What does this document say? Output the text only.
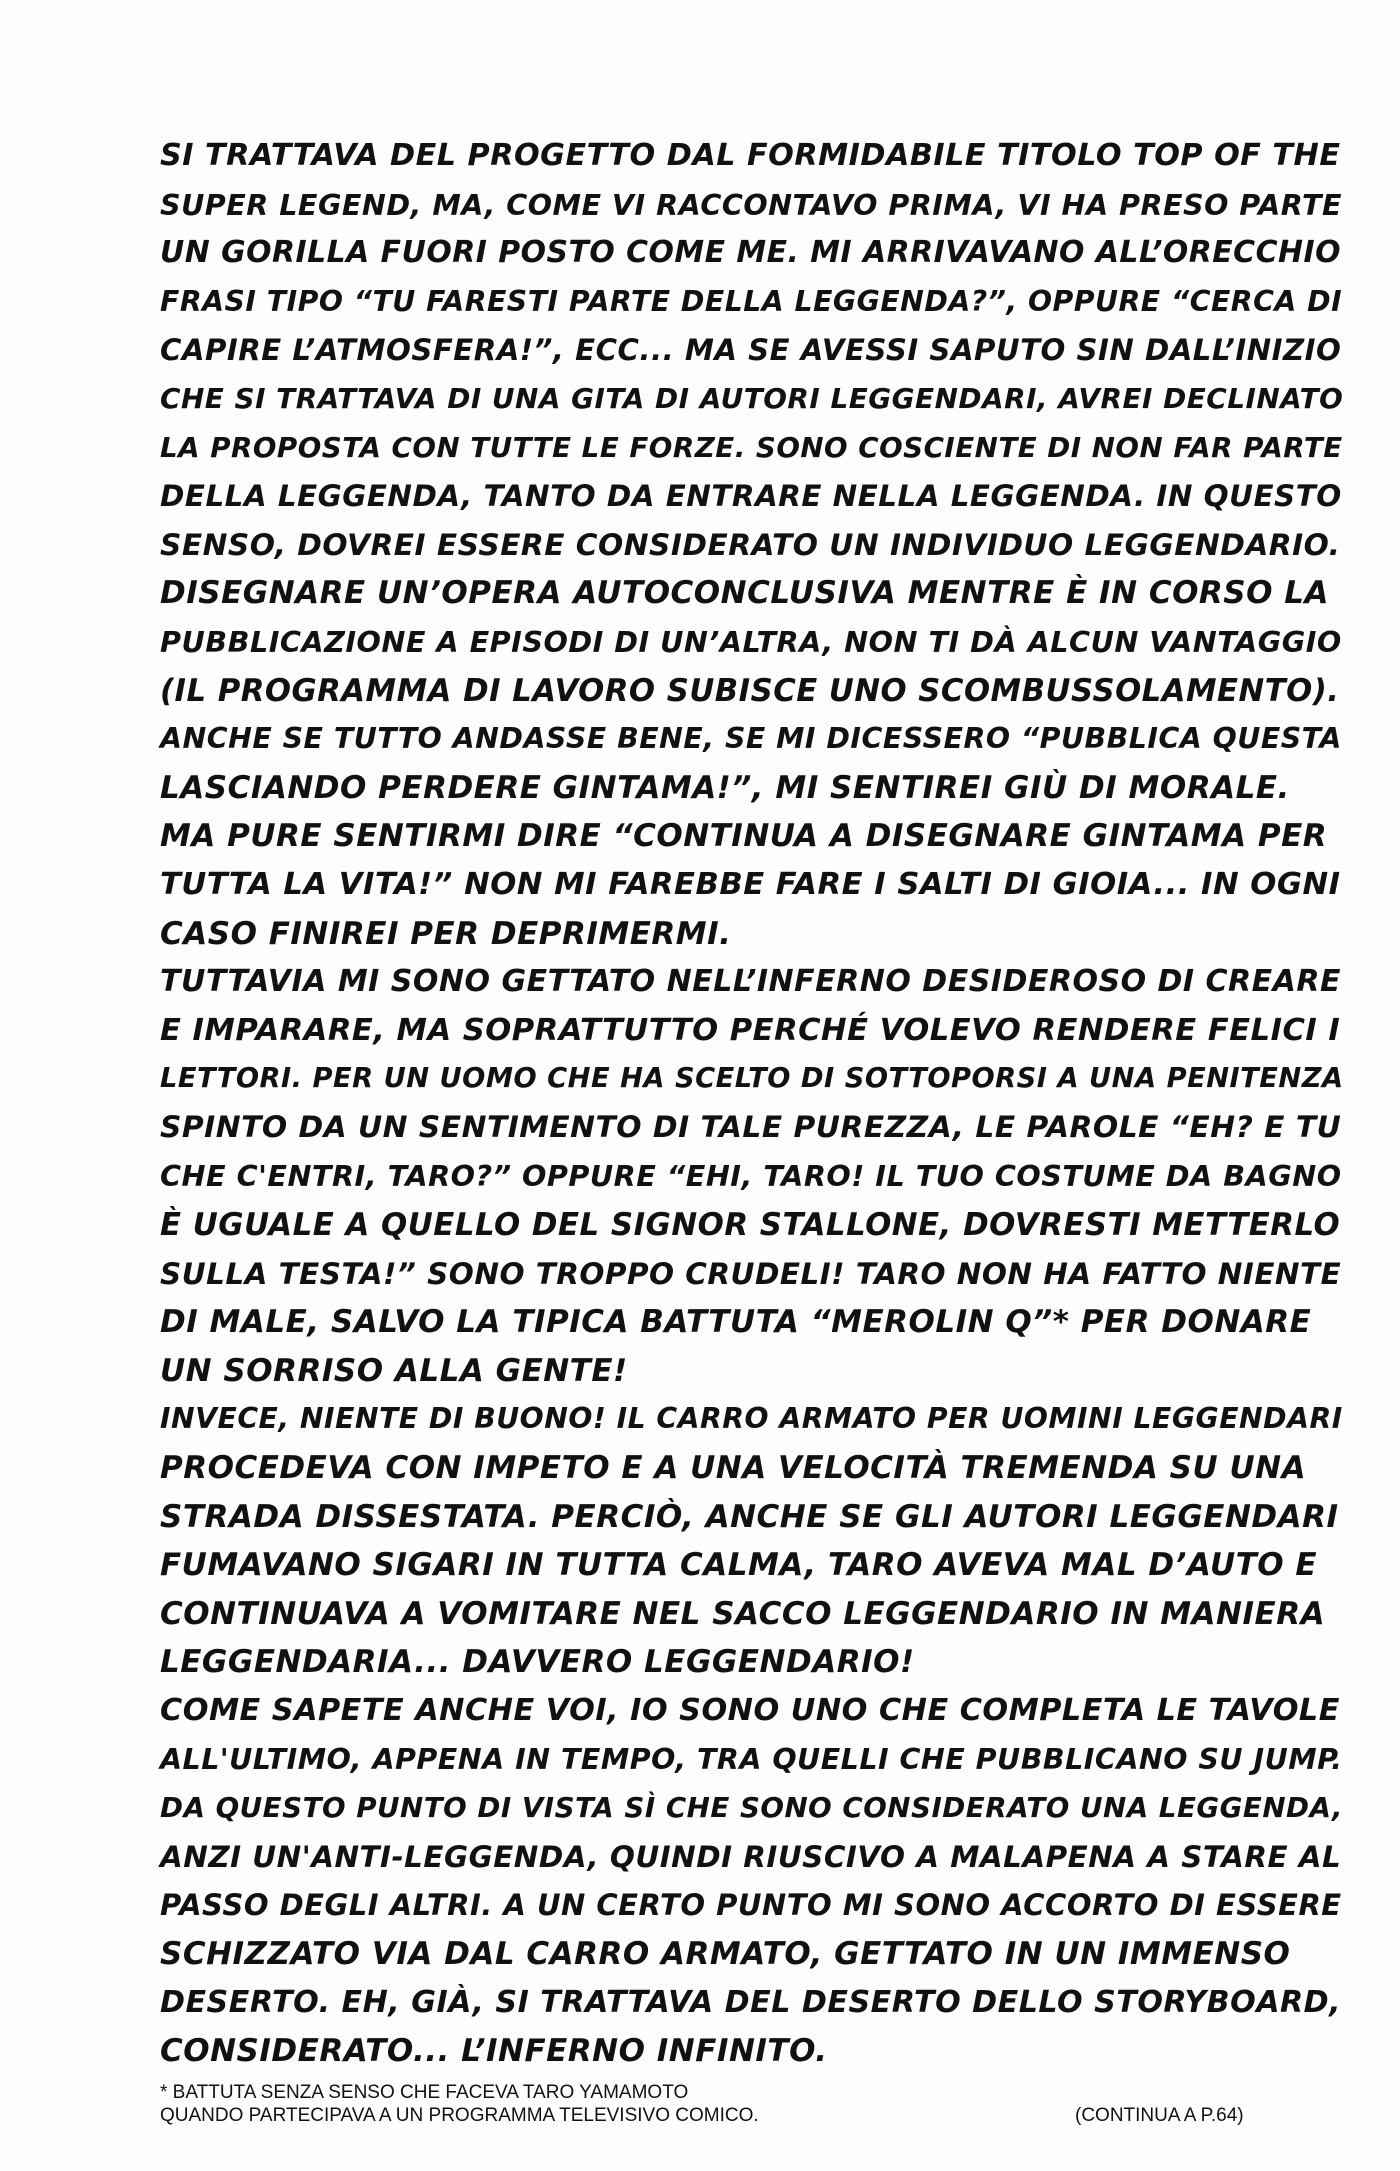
SI TRATTAVA DEL PROGETTO DAL FORMIDABILE TITOLO TOP OF THE
SUPER LEGEND, MA, COME VI RACCONTAVO PRIMA, VI HA PRESO PARTE
UN GORILLA FUORI POSTO COME ME. MI ARRIVAVANO ALL’ORECCHIO
FRASI TIPO “TU FARESTI PARTE DELLA LEGGENDA?”, OPPURE “CERCA DI
CAPIRE L’ATMOSFERA!”, ECC... MA SE AVESSI SAPUTO SIN DALL’INIZIO
CHE SI TRATTAVA DI UNA GITA DI AUTORI LEGGENDARI, AVREI DECLINATO
LA PROPOSTA CON TUTTE LE FORZE. SONO COSCIENTE DI NON FAR PARTE
DELLA LEGGENDA, TANTO DA ENTRARE NELLA LEGGENDA. IN QUESTO
SENSO, DOVREI ESSERE CONSIDERATO UN INDIVIDUO LEGGENDARIO.
DISEGNARE UN’OPERA AUTOCONCLUSIVA MENTRE È IN CORSO LA
PUBBLICAZIONE A EPISODI DI UN’ALTRA, NON TI DÀ ALCUN VANTAGGIO
(IL PROGRAMMA DI LAVORO SUBISCE UNO SCOMBUSSOLAMENTO).
ANCHE SE TUTTO ANDASSE BENE, SE MI DICESSERO “PUBBLICA QUESTA
LASCIANDO PERDERE GINTAMA!”, MI SENTIREI GIÙ DI MORALE.
MA PURE SENTIRMI DIRE “CONTINUA A DISEGNARE GINTAMA PER
TUTTA LA VITA!” NON MI FAREBBE FARE I SALTI DI GIOIA... IN OGNI
CASO FINIREI PER DEPRIMERMI.
TUTTAVIA MI SONO GETTATO NELL’INFERNO DESIDEROSO DI CREARE
E IMPARARE, MA SOPRATTUTTO PERCHÉ VOLEVO RENDERE FELICI I
LETTORI. PER UN UOMO CHE HA SCELTO DI SOTTOPORSI A UNA PENITENZA
SPINTO DA UN SENTIMENTO DI TALE PUREZZA, LE PAROLE “EH? E TU
CHE C'ENTRI, TARO?” OPPURE “EHI, TARO! IL TUO COSTUME DA BAGNO
È UGUALE A QUELLO DEL SIGNOR STALLONE, DOVRESTI METTERLO
SULLA TESTA!” SONO TROPPO CRUDELI! TARO NON HA FATTO NIENTE
DI MALE, SALVO LA TIPICA BATTUTA “MEROLIN Q”* PER DONARE
UN SORRISO ALLA GENTE!
INVECE, NIENTE DI BUONO! IL CARRO ARMATO PER UOMINI LEGGENDARI
PROCEDEVA CON IMPETO E A UNA VELOCITÀ TREMENDA SU UNA
STRADA DISSESTATA. PERCIÒ, ANCHE SE GLI AUTORI LEGGENDARI
FUMAVANO SIGARI IN TUTTA CALMA, TARO AVEVA MAL D’AUTO E
CONTINUAVA A VOMITARE NEL SACCO LEGGENDARIO IN MANIERA
LEGGENDARIA... DAVVERO LEGGENDARIO!
COME SAPETE ANCHE VOI, IO SONO UNO CHE COMPLETA LE TAVOLE
ALL'ULTIMO, APPENA IN TEMPO, TRA QUELLI CHE PUBBLICANO SU JUMP.
DA QUESTO PUNTO DI VISTA SÌ CHE SONO CONSIDERATO UNA LEGGENDA,
ANZI UN'ANTI-LEGGENDA, QUINDI RIUSCIVO A MALAPENA A STARE AL
PASSO DEGLI ALTRI. A UN CERTO PUNTO MI SONO ACCORTO DI ESSERE
SCHIZZATO VIA DAL CARRO ARMATO, GETTATO IN UN IMMENSO
DESERTO. EH, GIÀ, SI TRATTAVA DEL DESERTO DELLO STORYBOARD,
CONSIDERATO... L’INFERNO INFINITO.
* BATTUTA SENZA SENSO CHE FACEVA TARO YAMAMOTO
QUANDO PARTECIPAVA A UN PROGRAMMA TELEVISIVO COMICO.	(CONTINUA A P.64)
